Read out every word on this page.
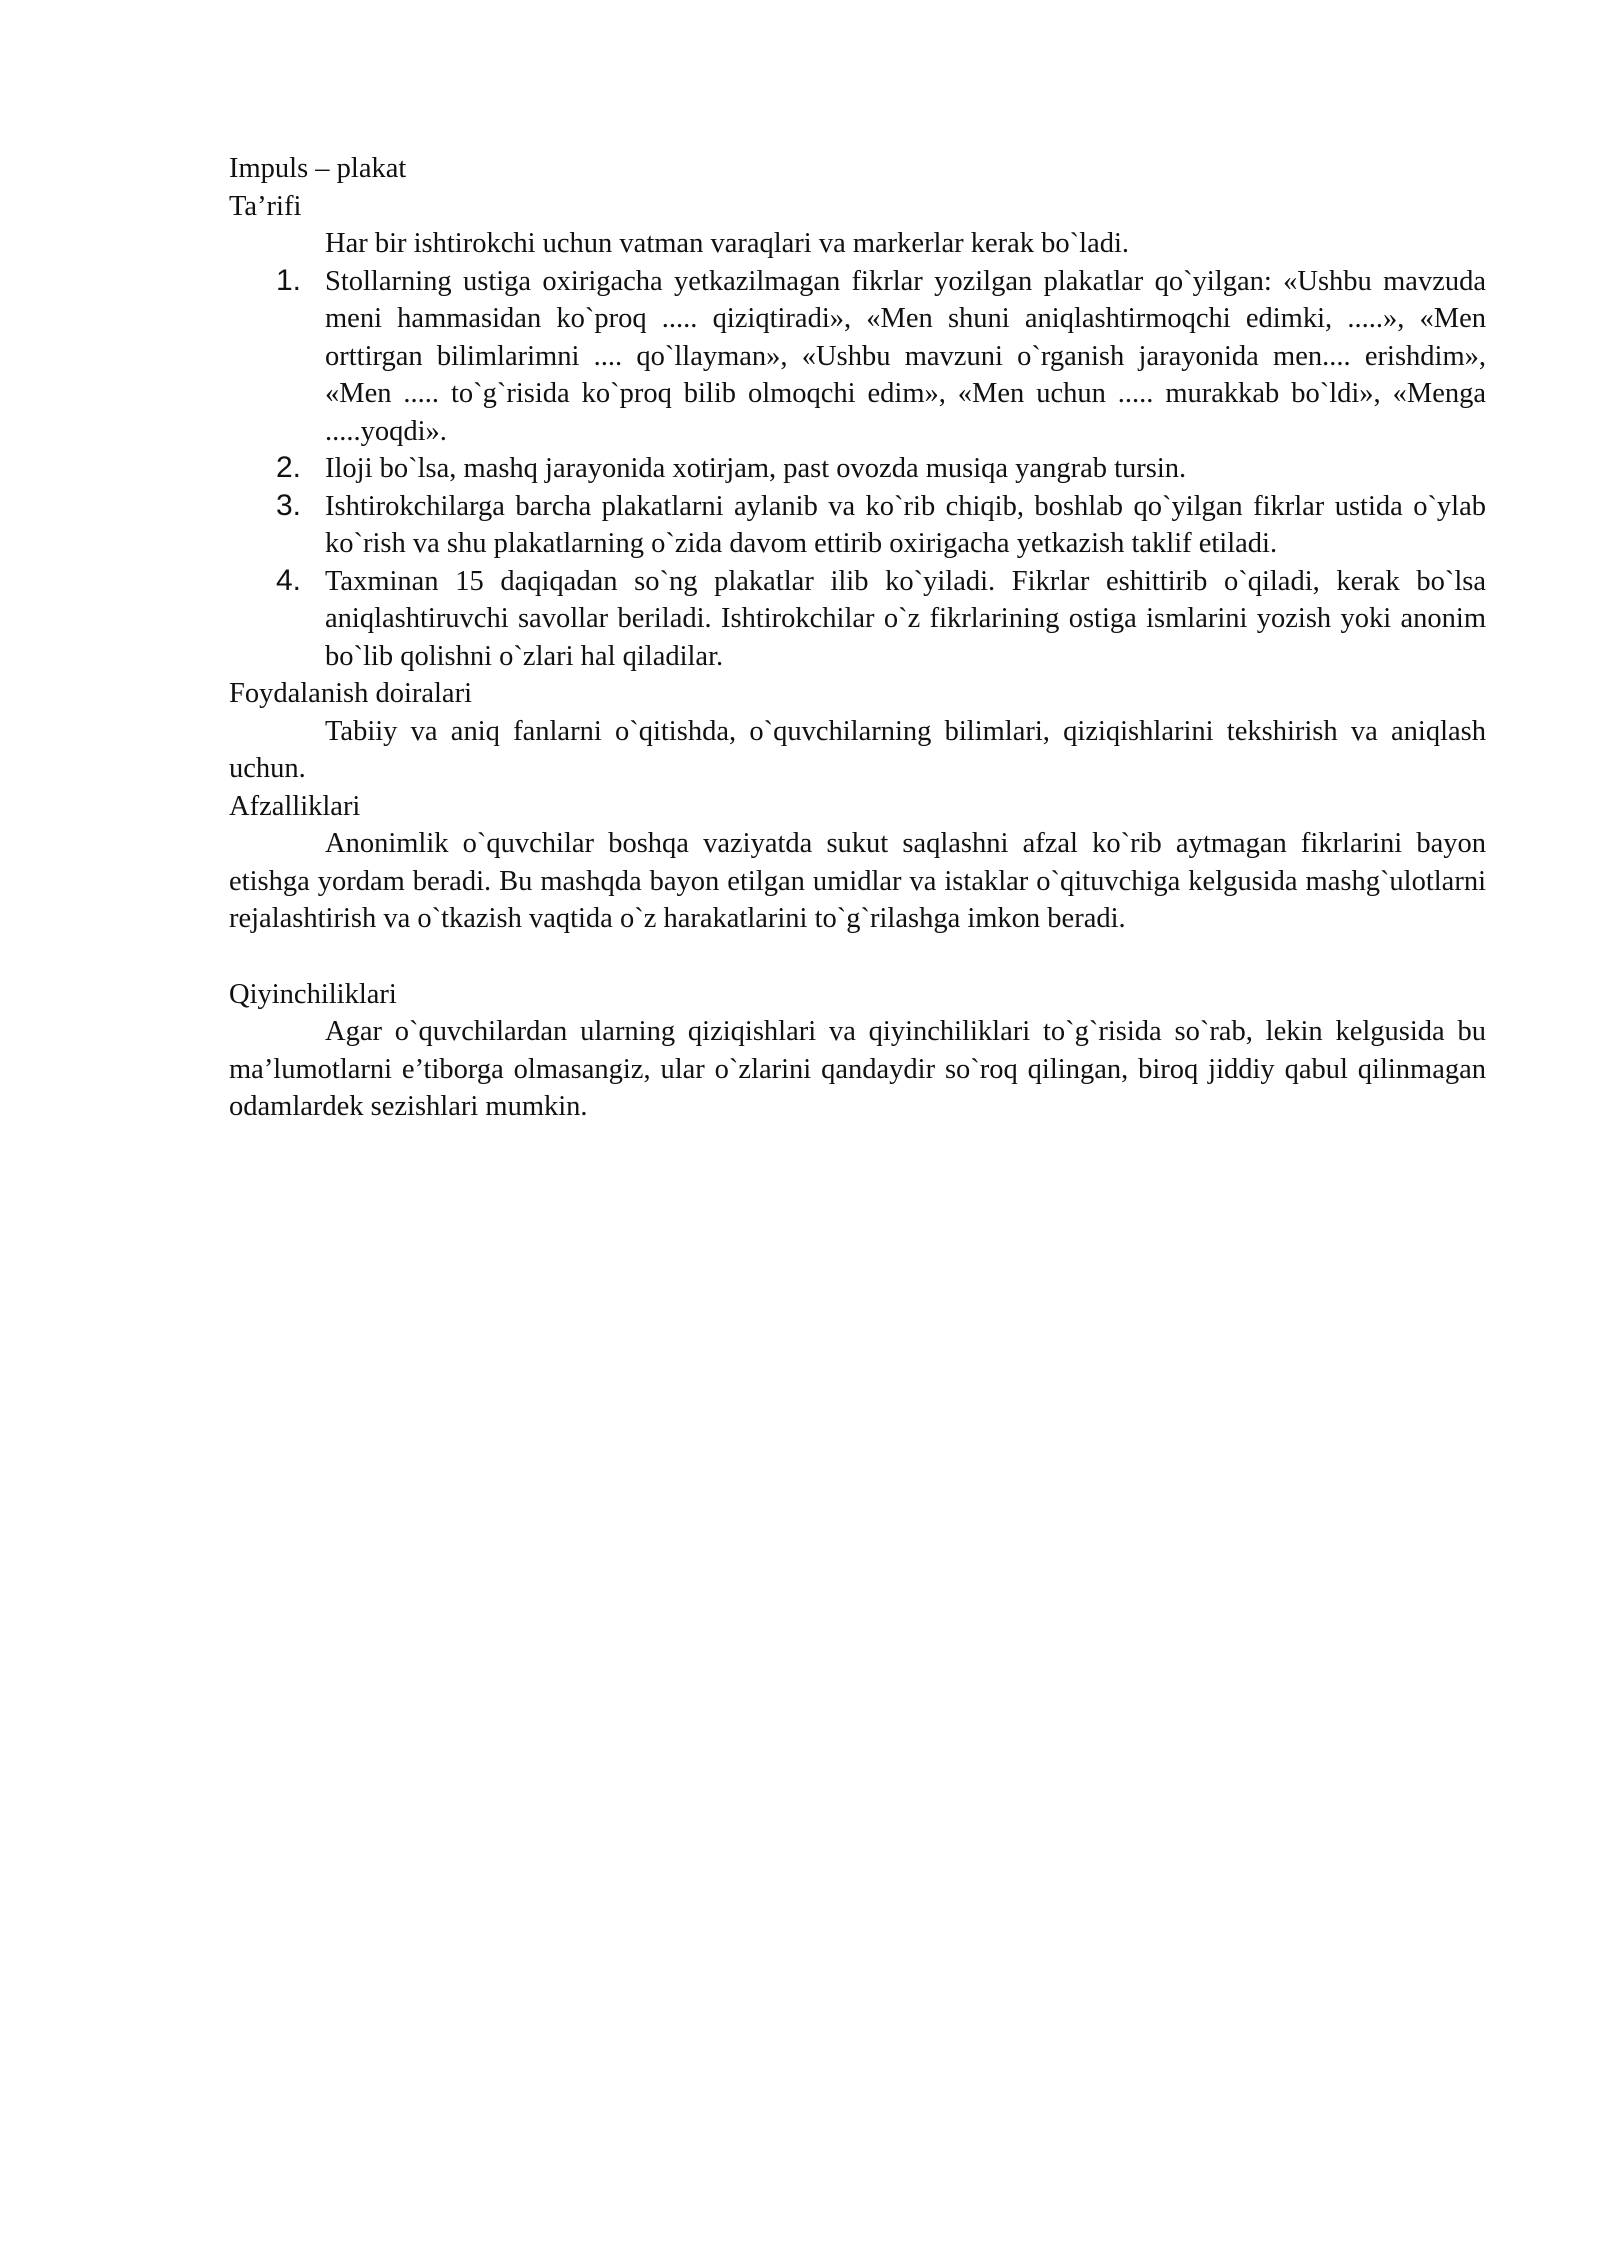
Impuls – plakat

Ta’rifi

Har bir ishtirokchi uchun vatman varaqlari va markerlar kerak bo`ladi.

1. Stollarning ustiga oxirigacha yetkazilmagan fikrlar yozilgan plakatlar qo`yilgan: «Ushbu mavzuda meni hammasidan ko`proq ..... qiziqtiradi», «Men shuni aniqlashtirmoqchi edimki, .....», «Men orttirgan bilimlarimni .... qo`llayman», «Ushbu mavzuni o`rganish jarayonida men.... erishdim», «Men ..... to`g`risida ko`proq bilib olmoqchi edim», «Men uchun ..... murakkab bo`ldi», «Menga .....yoqdi».
2. Iloji bo`lsa, mashq jarayonida xotirjam, past ovozda musiqa yangrab tursin.
3. Ishtirokchilarga barcha plakatlarni aylanib va ko`rib chiqib, boshlab qo`yilgan fikrlar ustida o`ylab ko`rish va shu plakatlarning o`zida davom ettirib oxirigacha yetkazish taklif etiladi.
4. Taxminan 15 daqiqadan so`ng plakatlar ilib ko`yiladi. Fikrlar eshittirib o`qiladi, kerak bo`lsa aniqlashtiruvchi savollar beriladi. Ishtirokchilar o`z fikrlarining ostiga ismlarini yozish yoki anonim bo`lib qolishni o`zlari hal qiladilar.

Foydalanish doiralari

Tabiiy va aniq fanlarni o`qitishda, o`quvchilarning bilimlari, qiziqishlarini tekshirish va aniqlash uchun.

Afzalliklari

Anonimlik o`quvchilar boshqa vaziyatda sukut saqlashni afzal ko`rib aytmagan fikrlarini bayon etishga yordam beradi. Bu mashqda bayon etilgan umidlar va istaklar o`qituvchiga kelgusida mashg`ulotlarni rejalashtirish va o`tkazish vaqtida o`z harakatlarini to`g`rilashga imkon beradi.

Qiyinchiliklari

Agar o`quvchilardan ularning qiziqishlari va qiyinchiliklari to`g`risida so`rab, lekin kelgusida bu ma’lumotlarni e’tiborga olmasangiz, ular o`zlarini qandaydir so`roq qilingan, biroq jiddiy qabul qilinmagan odamlardek sezishlari mumkin.
